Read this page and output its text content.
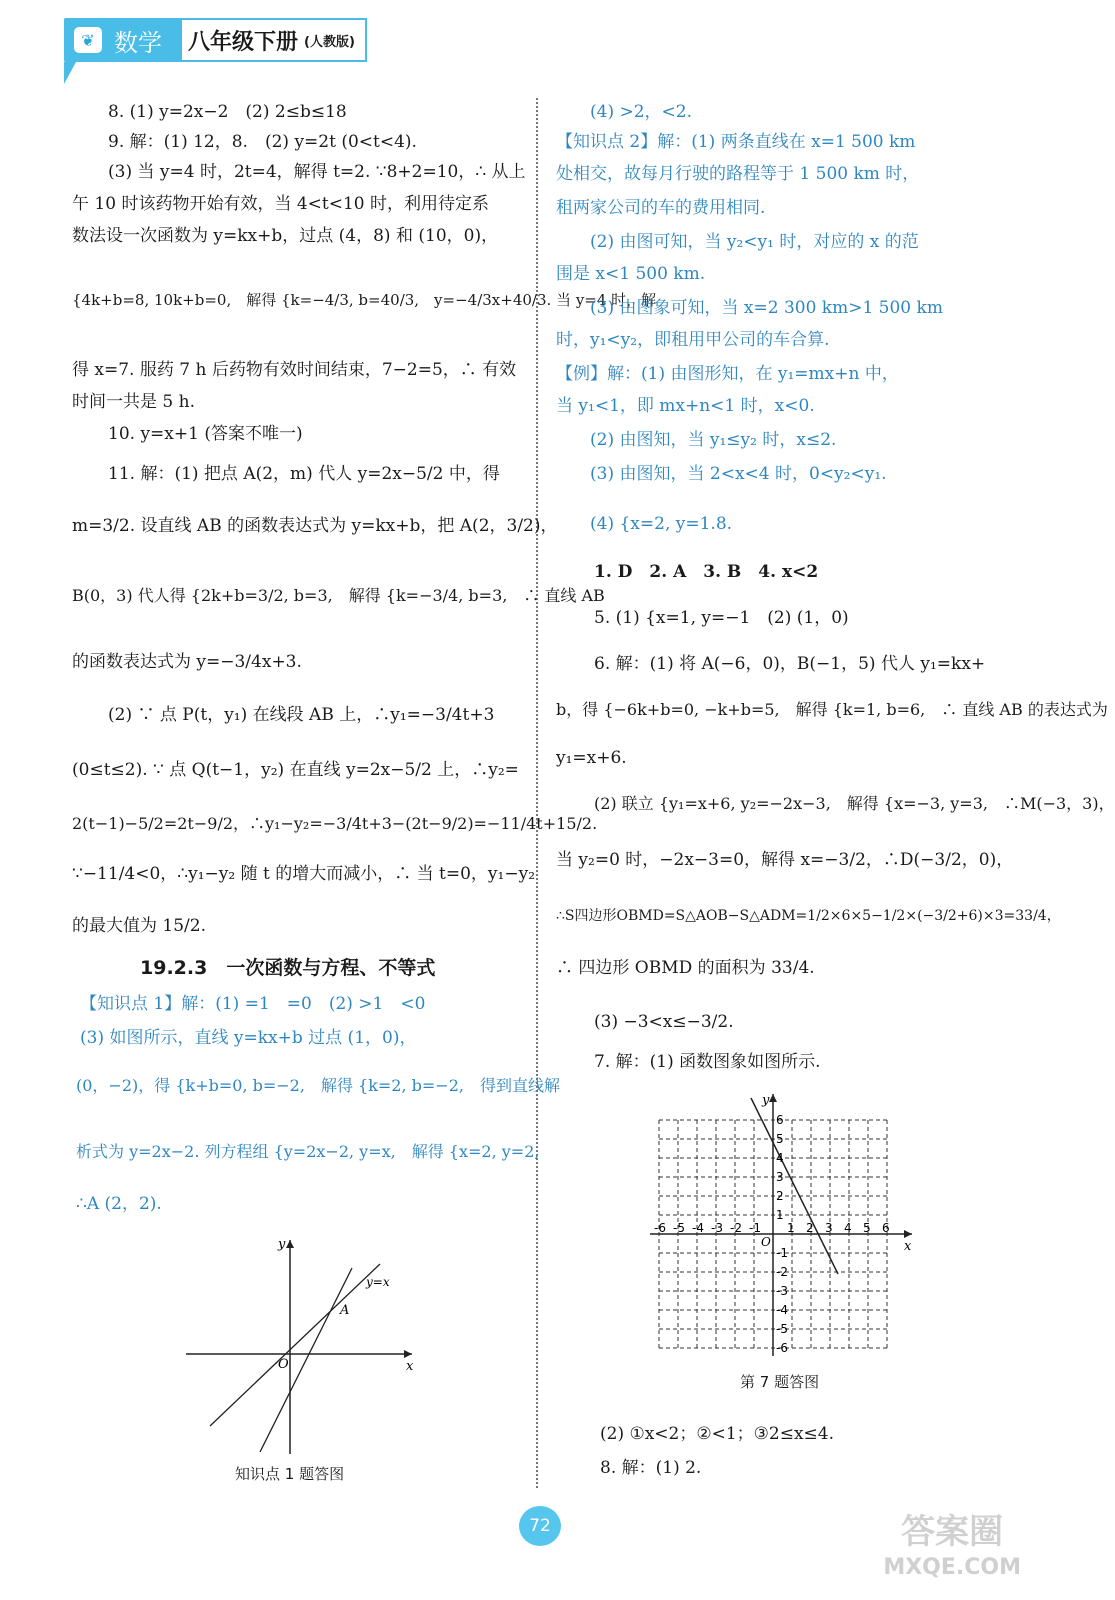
❦ 数学 八年级下册 (人教版)
8. (1) y=2x−2　(2) 2≤b≤18
9. 解：(1) 12，8.　(2) y=2t (0<t<4).
(3) 当 y=4 时，2t=4，解得 t=2. ∵8+2=10，∴ 从上
午 10 时该药物开始有效，当 4<t<10 时，利用待定系
数法设一次函数为 y=kx+b，过点 (4，8) 和 (10，0)，
{4k+b=8, 10k+b=0,　解得 {k=−4/3, b=40/3,　y=−4/3x+40/3. 当 y=4 时，解
得 x=7. 服药 7 h 后药物有效时间结束，7−2=5，∴ 有效
时间一共是 5 h.
10. y=x+1 (答案不唯一)
11. 解：(1) 把点 A(2，m) 代人 y=2x−5/2 中，得
m=3/2. 设直线 AB 的函数表达式为 y=kx+b，把 A(2，3/2)，
B(0，3) 代人得 {2k+b=3/2, b=3,　解得 {k=−3/4, b=3,　∴ 直线 AB
的函数表达式为 y=−3/4x+3.
(2) ∵ 点 P(t，y₁) 在线段 AB 上，∴y₁=−3/4t+3
(0≤t≤2). ∵ 点 Q(t−1，y₂) 在直线 y=2x−5/2 上，∴y₂=
2(t−1)−5/2=2t−9/2，∴y₁−y₂=−3/4t+3−(2t−9/2)=−11/4t+15/2.
∵−11/4<0，∴y₁−y₂ 随 t 的增大而减小，∴ 当 t=0，y₁−y₂
的最大值为 15/2.
19.2.3　一次函数与方程、不等式
【知识点 1】解：(1) =1　=0　(2) >1　<0
(3) 如图所示，直线 y=kx+b 过点 (1，0)，
(0，−2)，得 {k+b=0, b=−2,　解得 {k=2, b=−2,　得到直线解
析式为 y=2x−2. 列方程组 {y=2x−2, y=x,　解得 {x=2, y=2,
∴A (2，2).
x
y
O
y=x
A
知识点 1 题答图
(4) >2，<2.
【知识点 2】解：(1) 两条直线在 x=1 500 km
处相交，故每月行驶的路程等于 1 500 km 时，
租两家公司的车的费用相同.
(2) 由图可知，当 y₂<y₁ 时，对应的 x 的范
围是 x<1 500 km.
(3) 由图象可知，当 x=2 300 km>1 500 km
时，y₁<y₂，即租用甲公司的车合算.
【例】解：(1) 由图形知，在 y₁=mx+n 中，
当 y₁<1，即 mx+n<1 时，x<0.
(2) 由图知，当 y₁≤y₂ 时，x≤2.
(3) 由图知，当 2<x<4 时，0<y₂<y₁.
(4) {x=2, y=1.8.
1. D　2. A　3. B　4. x<2
5. (1) {x=1, y=−1　(2) (1，0)
6. 解：(1) 将 A(−6，0)，B(−1，5) 代人 y₁=kx+
b，得 {−6k+b=0, −k+b=5,　解得 {k=1, b=6,　∴ 直线 AB 的表达式为
y₁=x+6.
(2) 联立 {y₁=x+6, y₂=−2x−3,　解得 {x=−3, y=3,　∴M(−3，3)，
当 y₂=0 时，−2x−3=0，解得 x=−3/2，∴D(−3/2，0)，
∴S四边形OBMD=S△AOB−S△ADM=1/2×6×5−1/2×(−3/2+6)×3=33/4，
∴ 四边形 OBMD 的面积为 33/4.
(3) −3<x≤−3/2.
7. 解：(1) 函数图象如图所示.
-6 -5 -4 -3 -2 -1 1 2 3 4 5 6
6
5
4
3
2
1
-1
-2
-3
-4
-5
-6
x
y
O
第 7 题答图
(2) ①x<2；②<1；③2≤x≤4.
8. 解：(1) 2.
72	答案圈
MXQE.COM
